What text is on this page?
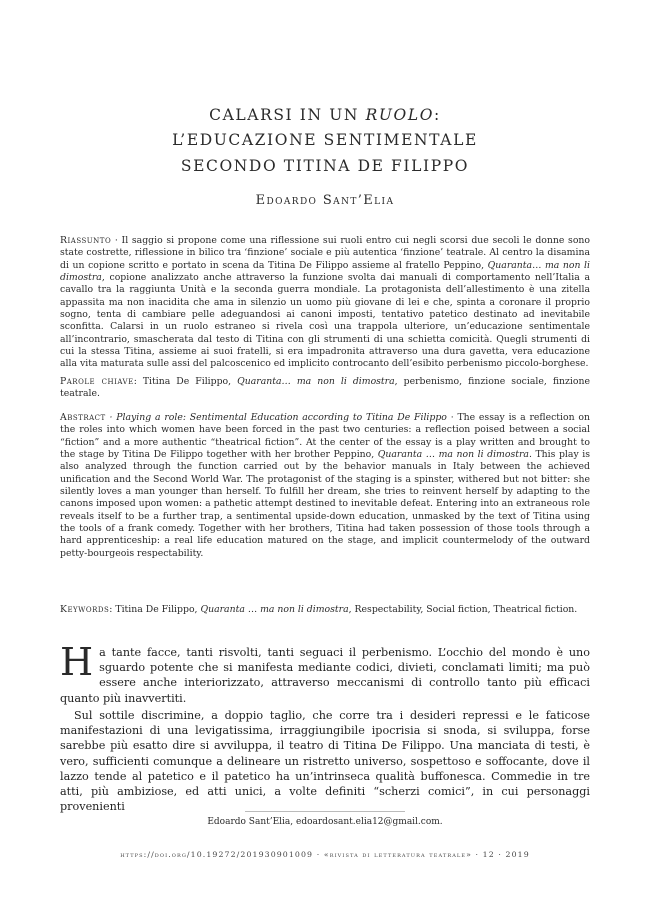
CALARSI IN UN RUOLO:
L’EDUCAZIONE SENTIMENTALE
SECONDO TITINA DE FILIPPO
Edoardo Sant’Elia
Riassunto · Il saggio si propone come una riflessione sui ruoli entro cui negli scorsi due secoli le donne sono state costrette, riflessione in bilico tra ‘finzione’ sociale e più autentica ‘finzione’ teatrale. Al centro la disamina di un copione scritto e portato in scena da Titina De Filippo assieme al fratello Peppino, Quaranta… ma non li dimostra, copione analizzato anche attraverso la funzione svolta dai manuali di comportamento nell’Italia a cavallo tra la raggiunta Unità e la seconda guerra mondiale. La protagonista dell’allestimento è una zitella appassita ma non inacidita che ama in silenzio un uomo più giovane di lei e che, spinta a coronare il proprio sogno, tenta di cambiare pelle adeguandosi ai canoni imposti, tentativo patetico destinato ad inevitabile sconfitta. Calarsi in un ruolo estraneo si rivela così una trappola ulteriore, un’educazione sentimentale all’incontrario, smascherata dal testo di Titina con gli strumenti di una schietta comicità. Quegli strumenti di cui la stessa Titina, assieme ai suoi fratelli, si era impadronita attraverso una dura gavetta, vera educazione alla vita maturata sulle assi del palcoscenico ed implicito controcanto dell’esibito perbenismo piccolo-borghese.
Parole chiave: Titina De Filippo, Quaranta… ma non li dimostra, perbenismo, finzione sociale, finzione teatrale.
Abstract · Playing a role: Sentimental Education according to Titina De Filippo · The essay is a reflection on the roles into which women have been forced in the past two centuries: a reflection poised between a social “fiction” and a more authentic “theatrical fiction”. At the center of the essay is a play written and brought to the stage by Titina De Filippo together with her brother Peppino, Quaranta … ma non li dimostra. This play is also analyzed through the function carried out by the behavior manuals in Italy between the achieved unification and the Second World War. The protagonist of the staging is a spinster, withered but not bitter: she silently loves a man younger than herself. To fulfill her dream, she tries to reinvent herself by adapting to the canons imposed upon women: a pathetic attempt destined to inevitable defeat. Entering into an extraneous role reveals itself to be a further trap, a sentimental upside-down education, unmasked by the text of Titina using the tools of a frank comedy. Together with her brothers, Titina had taken possession of those tools through a hard apprenticeship: a real life education matured on the stage, and implicit countermelody of the outward petty-bourgeois respectability.
Keywords: Titina De Filippo, Quaranta … ma non li dimostra, Respectability, Social fiction, Theatrical fiction.
Ha tante facce, tanti risvolti, tanti seguaci il perbenismo. L’occhio del mondo è uno sguardo potente che si manifesta mediante codici, divieti, conclamati limiti; ma può essere anche interiorizzato, attraverso meccanismi di controllo tanto più efficaci quanto più inavvertiti.

Sul sottile discrimine, a doppio taglio, che corre tra i desideri repressi e le faticose manifestazioni di una levigatissima, irraggiungibile ipocrisia si snoda, si sviluppa, forse sarebbe più esatto dire si avviluppa, il teatro di Titina De Filippo. Una manciata di testi, è vero, sufficienti comunque a delineare un ristretto universo, sospettoso e soffocante, dove il lazzo tende al patetico e il patetico ha un’intrinseca qualità buffonesca. Commedie in tre atti, più ambiziose, ed atti unici, a volte definiti “scherzi comici”, in cui personaggi provenienti

Edoardo Sant’Elia, edoardosant.elia12@gmail.com.
https://doi.org/10.19272/201930901009 · «rivista di letteratura teatrale» · 12 · 2019
